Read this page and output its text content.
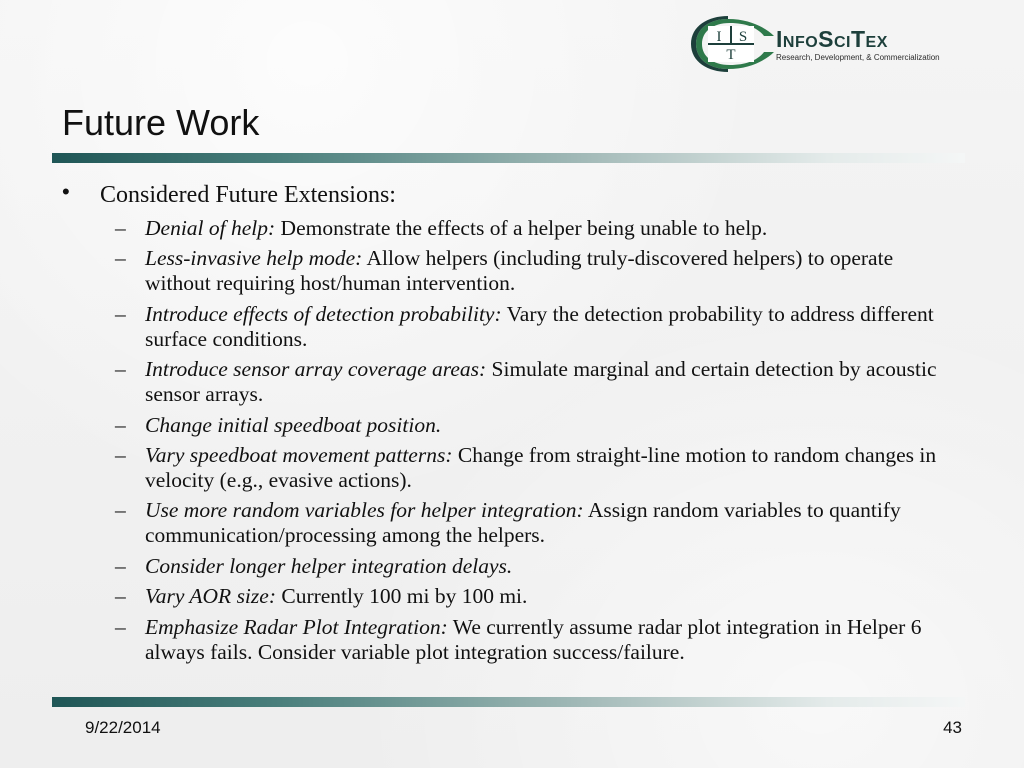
I S
T
InfoSciTex
Research, Development, & Commercialization
Future Work
• Considered Future Extensions:
– Denial of help: Demonstrate the effects of a helper being unable to help.
– Less-invasive help mode: Allow helpers (including truly-discovered helpers) to operate without requiring host/human intervention.
– Introduce effects of detection probability: Vary the detection probability to address different surface conditions.
– Introduce sensor array coverage areas: Simulate marginal and certain detection by acoustic sensor arrays.
– Change initial speedboat position.
– Vary speedboat movement patterns: Change from straight-line motion to random changes in velocity (e.g., evasive actions).
– Use more random variables for helper integration: Assign random variables to quantify communication/processing among the helpers.
– Consider longer helper integration delays.
– Vary AOR size: Currently 100 mi by 100 mi.
– Emphasize Radar Plot Integration: We currently assume radar plot integration in Helper 6 always fails. Consider variable plot integration success/failure.
9/22/2014	43
